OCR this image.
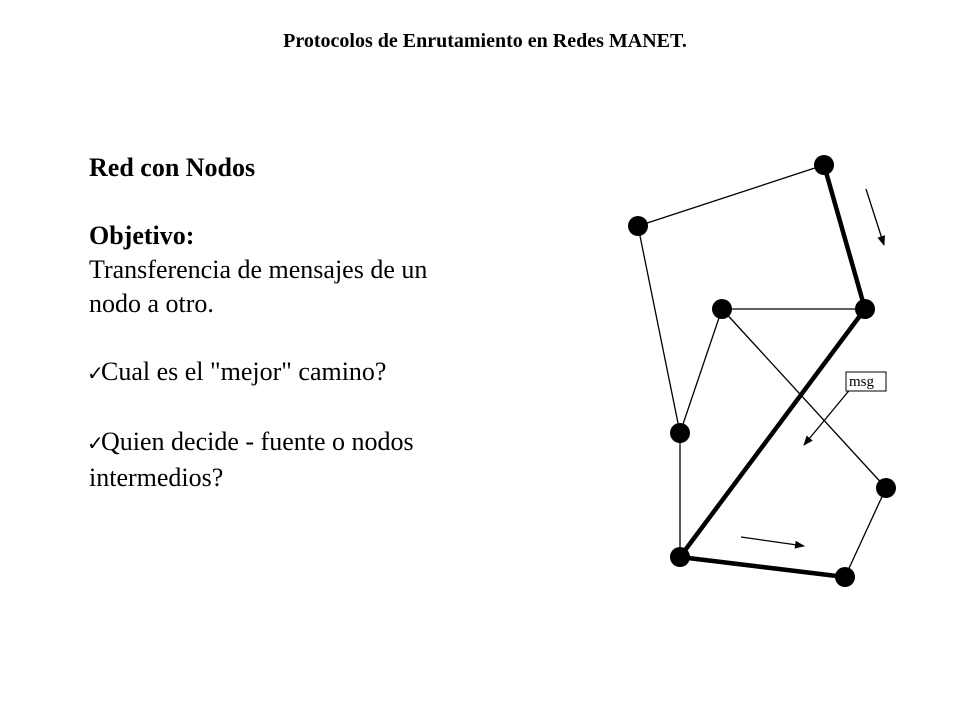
Protocolos de Enrutamiento en Redes MANET.
Red con Nodos
Objetivo:
Transferencia de mensajes de un
nodo a otro.
✓Cual es el "mejor" camino?
✓Quien decide - fuente o nodos
intermedios?
msg
